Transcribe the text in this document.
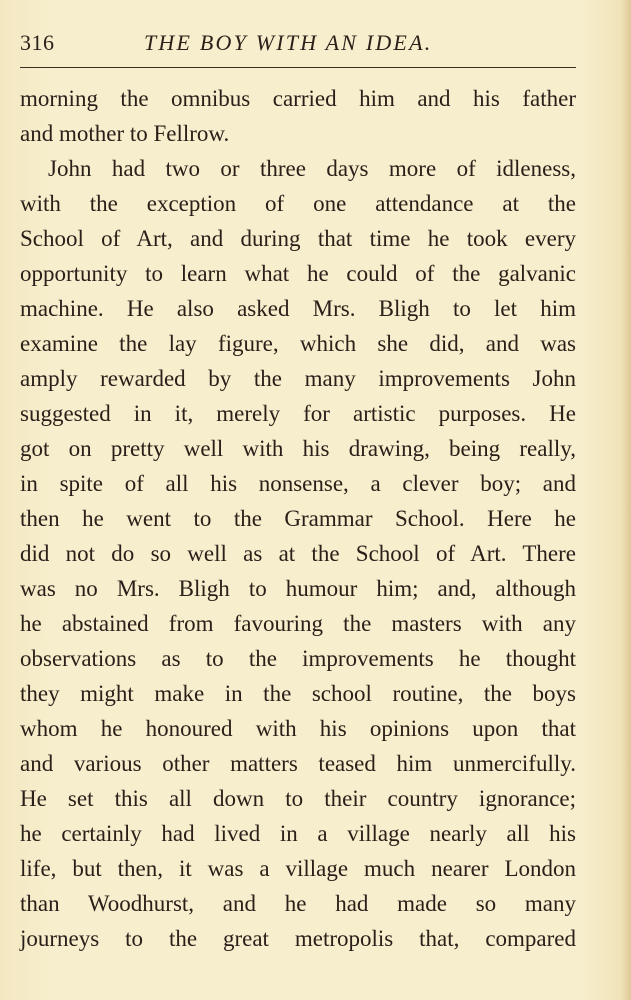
316	THE BOY WITH AN IDEA.
morning the omnibus carried him and his father
and mother to Fellrow.
John had two or three days more of idleness,
with the exception of one attendance at the
School of Art, and during that time he took every
opportunity to learn what he could of the galvanic
machine. He also asked Mrs. Bligh to let him
examine the lay figure, which she did, and was
amply rewarded by the many improvements John
suggested in it, merely for artistic purposes. He
got on pretty well with his drawing, being really,
in spite of all his nonsense, a clever boy; and
then he went to the Grammar School. Here he
did not do so well as at the School of Art. There
was no Mrs. Bligh to humour him; and, although
he abstained from favouring the masters with any
observations as to the improvements he thought
they might make in the school routine, the boys
whom he honoured with his opinions upon that
and various other matters teased him unmercifully.
He set this all down to their country ignorance;
he certainly had lived in a village nearly all his
life, but then, it was a village much nearer London
than Woodhurst, and he had made so many
journeys to the great metropolis that, compared
